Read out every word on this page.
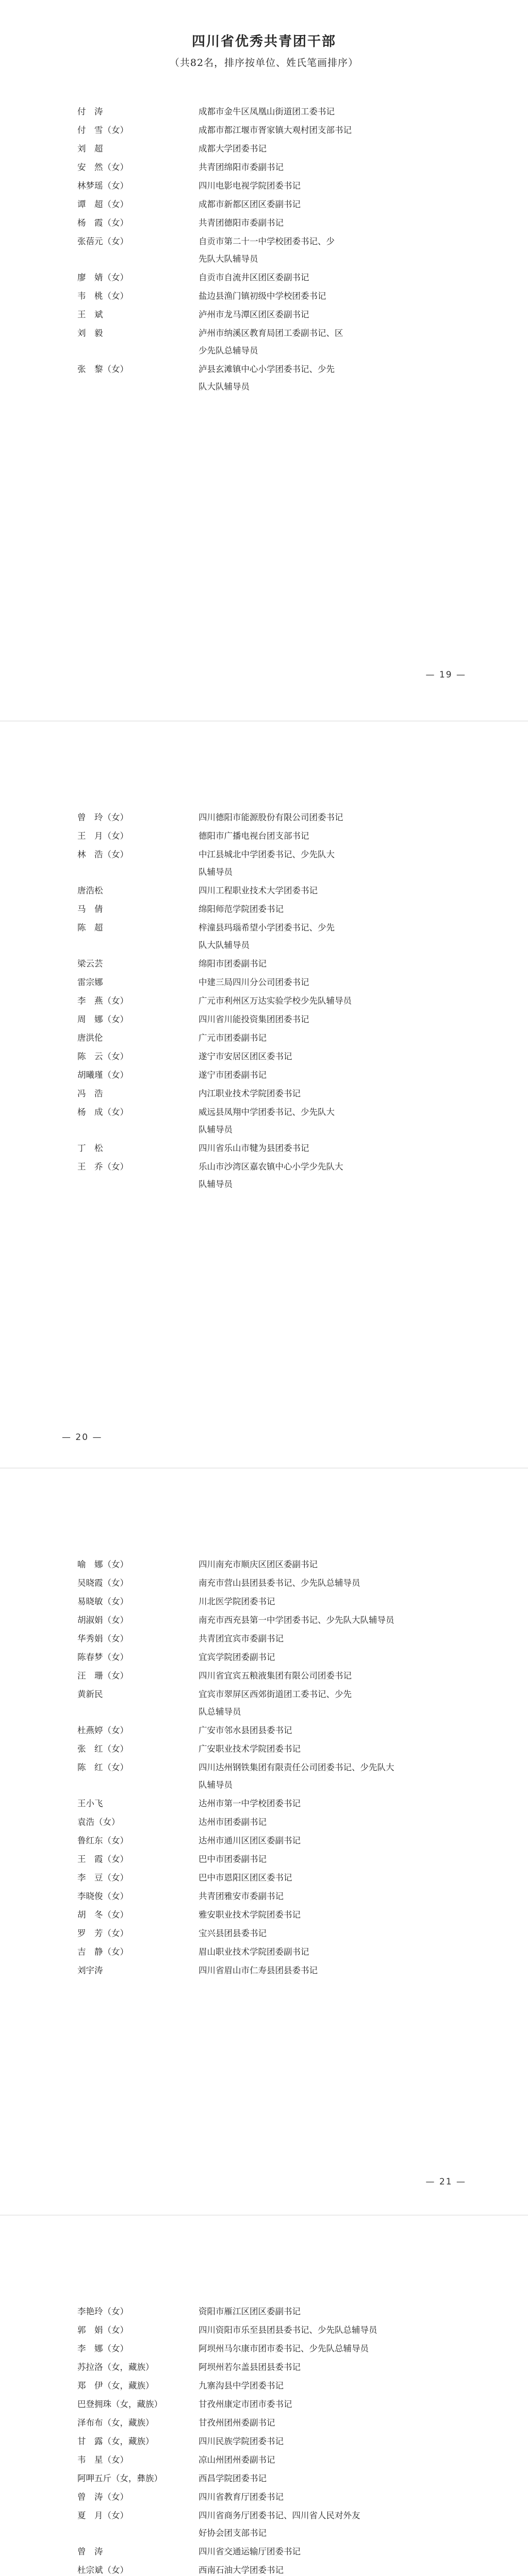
四川省优秀共青团干部
（共82名，排序按单位、姓氏笔画排序）
付　涛	成都市金牛区凤凰山街道团工委书记
付　雪（女）	成都市都江堰市胥家镇大观村团支部书记
刘　超	成都大学团委书记
安　然（女）	共青团绵阳市委副书记
林梦瑶（女）	四川电影电视学院团委书记
谭　超（女）	成都市新都区团区委副书记
杨　霞（女）	共青团德阳市委副书记
张蓓元（女）	自贡市第二十一中学校团委书记、少
先队大队辅导员
廖　婧（女）	自贡市自流井区团区委副书记
韦　桃（女）	盐边县渔门镇初级中学校团委书记
王　斌	泸州市龙马潭区团区委副书记
刘　毅	泸州市纳溪区教育局团工委副书记、区
少先队总辅导员
张　黎（女）	泸县玄滩镇中心小学团委书记、少先
队大队辅导员
— 19 —
曾　玲（女）	四川德阳市能源股份有限公司团委书记
王　月（女）	德阳市广播电视台团支部书记
林　浩（女）	中江县城北中学团委书记、少先队大
队辅导员
唐浩松	四川工程职业技术大学团委书记
马　倩	绵阳师范学院团委书记
陈　超	梓潼县玛瑙希望小学团委书记、少先
队大队辅导员
梁云芸	绵阳市团委副书记
雷宗娜	中建三局四川分公司团委书记
李　燕（女）	广元市利州区万达实验学校少先队辅导员
周　娜（女）	四川省川能投资集团团委书记
唐洪伦	广元市团委副书记
陈　云（女）	遂宁市安居区团区委书记
胡曦瑾（女）	遂宁市团委副书记
冯　浩	内江职业技术学院团委书记
杨　成（女）	威远县凤翔中学团委书记、少先队大
队辅导员
丁　松	四川省乐山市犍为县团委书记
王　乔（女）	乐山市沙湾区嘉农镇中心小学少先队大
队辅导员
— 20 —
喻　娜（女）	四川南充市顺庆区团区委副书记
吴晓霞（女）	南充市营山县团县委书记、少先队总辅导员
易晓敏（女）	川北医学院团委书记
胡淑娟（女）	南充市西充县第一中学团委书记、少先队大队辅导员
华秀娟（女）	共青团宜宾市委副书记
陈春梦（女）	宜宾学院团委副书记
汪　珊（女）	四川省宜宾五粮液集团有限公司团委书记
黄新民	宜宾市翠屏区西郊街道团工委书记、少先
队总辅导员
杜燕婷（女）	广安市邻水县团县委书记
张　红（女）	广安职业技术学院团委书记
陈　红（女）	四川达州钢铁集团有限责任公司团委书记、少先队大
队辅导员
王小飞	达州市第一中学校团委书记
袁浩（女）	达州市团委副书记
鲁红东（女）	达州市通川区团区委副书记
王　霞（女）	巴中市团委副书记
李　豆（女）	巴中市恩阳区团区委书记
李晓俊（女）	共青团雅安市委副书记
胡　冬（女）	雅安职业技术学院团委书记
罗　芳（女）	宝兴县团县委书记
吉　静（女）	眉山职业技术学院团委副书记
刘宇涛	四川省眉山市仁寿县团县委书记
— 21 —
李艳玲（女）	资阳市雁江区团区委副书记
郭　娟（女）	四川资阳市乐至县团县委书记、少先队总辅导员
李　娜（女）	阿坝州马尔康市团市委书记、少先队总辅导员
苏拉洛（女，藏族）	阿坝州若尔盖县团县委书记
郑　伊（女，藏族）	九寨沟县中学团委书记
巴登拥珠（女，藏族）	甘孜州康定市团市委书记
泽布布（女，藏族）	甘孜州团州委副书记
甘　露（女，藏族）	四川民族学院团委书记
韦　星（女）	凉山州团州委副书记
阿呷五斤（女，彝族）	西昌学院团委书记
曾　涛（女）	四川省教育厅团委书记
夏　月（女）	四川省商务厅团委书记、四川省人民对外友
好协会团支部书记
曾　涛	四川省交通运输厅团委书记
杜宗斌（女）	西南石油大学团委书记
